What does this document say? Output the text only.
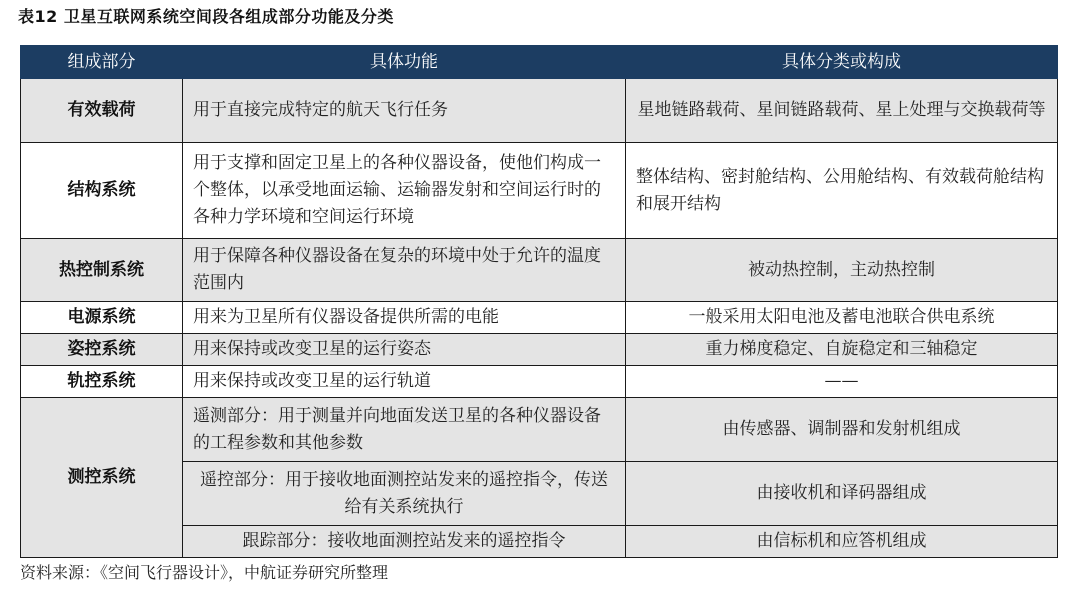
表12 卫星互联网系统空间段各组成部分功能及分类
组成部分	具体功能	具体分类或构成
有效载荷	用于直接完成特定的航天飞行任务	星地链路载荷、星间链路载荷、星上处理与交换载荷等
结构系统	用于支撑和固定卫星上的各种仪器设备，使他们构成一个整体，以承受地面运输、运输器发射和空间运行时的各种力学环境和空间运行环境	整体结构、密封舱结构、公用舱结构、有效载荷舱结构和展开结构
热控制系统	用于保障各种仪器设备在复杂的环境中处于允许的温度范围内	被动热控制，主动热控制
电源系统	用来为卫星所有仪器设备提供所需的电能	一般采用太阳电池及蓄电池联合供电系统
姿控系统	用来保持或改变卫星的运行姿态	重力梯度稳定、自旋稳定和三轴稳定
轨控系统	用来保持或改变卫星的运行轨道	——
测控系统	遥测部分：用于测量并向地面发送卫星的各种仪器设备的工程参数和其他参数	由传感器、调制器和发射机组成
	遥控部分：用于接收地面测控站发来的遥控指令，传送给有关系统执行	由接收机和译码器组成
	跟踪部分：接收地面测控站发来的遥控指令	由信标机和应答机组成
资料来源：《空间飞行器设计》，中航证券研究所整理
